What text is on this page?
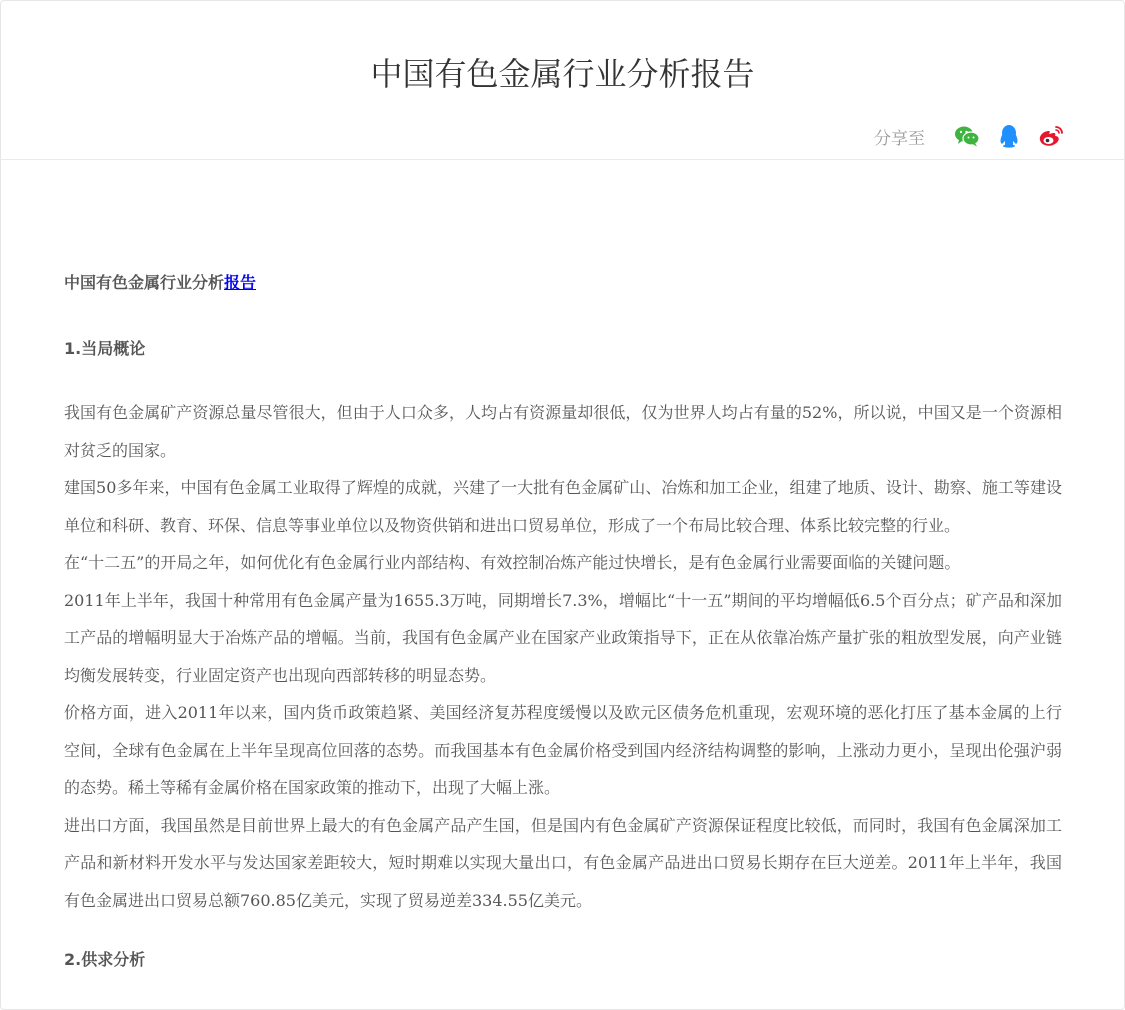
中国有色金属行业分析报告
分享至

中国有色金属行业分析报告

1.当局概论

我国有色金属矿产资源总量尽管很大，但由于人口众多，人均占有资源量却很低，仅为世界人均占有量的52%，所以说，中国又是一个资源相对贫乏的国家。

建国50多年来，中国有色金属工业取得了辉煌的成就，兴建了一大批有色金属矿山、冶炼和加工企业，组建了地质、设计、勘察、施工等建设单位和科研、教育、环保、信息等事业单位以及物资供销和进出口贸易单位，形成了一个布局比较合理、体系比较完整的行业。

在“十二五”的开局之年，如何优化有色金属行业内部结构、有效控制冶炼产能过快增长，是有色金属行业需要面临的关键问题。

2011年上半年，我国十种常用有色金属产量为1655.3万吨，同期增长7.3%，增幅比“十一五”期间的平均增幅低6.5个百分点；矿产品和深加工产品的增幅明显大于冶炼产品的增幅。当前，我国有色金属产业在国家产业政策指导下，正在从依靠冶炼产量扩张的粗放型发展，向产业链均衡发展转变，行业固定资产也出现向西部转移的明显态势。

价格方面，进入2011年以来，国内货币政策趋紧、美国经济复苏程度缓慢以及欧元区债务危机重现，宏观环境的恶化打压了基本金属的上行空间，全球有色金属在上半年呈现高位回落的态势。而我国基本有色金属价格受到国内经济结构调整的影响，上涨动力更小，呈现出伦强沪弱的态势。稀土等稀有金属价格在国家政策的推动下，出现了大幅上涨。

进出口方面，我国虽然是目前世界上最大的有色金属产品产生国，但是国内有色金属矿产资源保证程度比较低，而同时，我国有色金属深加工产品和新材料开发水平与发达国家差距较大，短时期难以实现大量出口，有色金属产品进出口贸易长期存在巨大逆差。2011年上半年，我国有色金属进出口贸易总额760.85亿美元，实现了贸易逆差334.55亿美元。

2.供求分析
